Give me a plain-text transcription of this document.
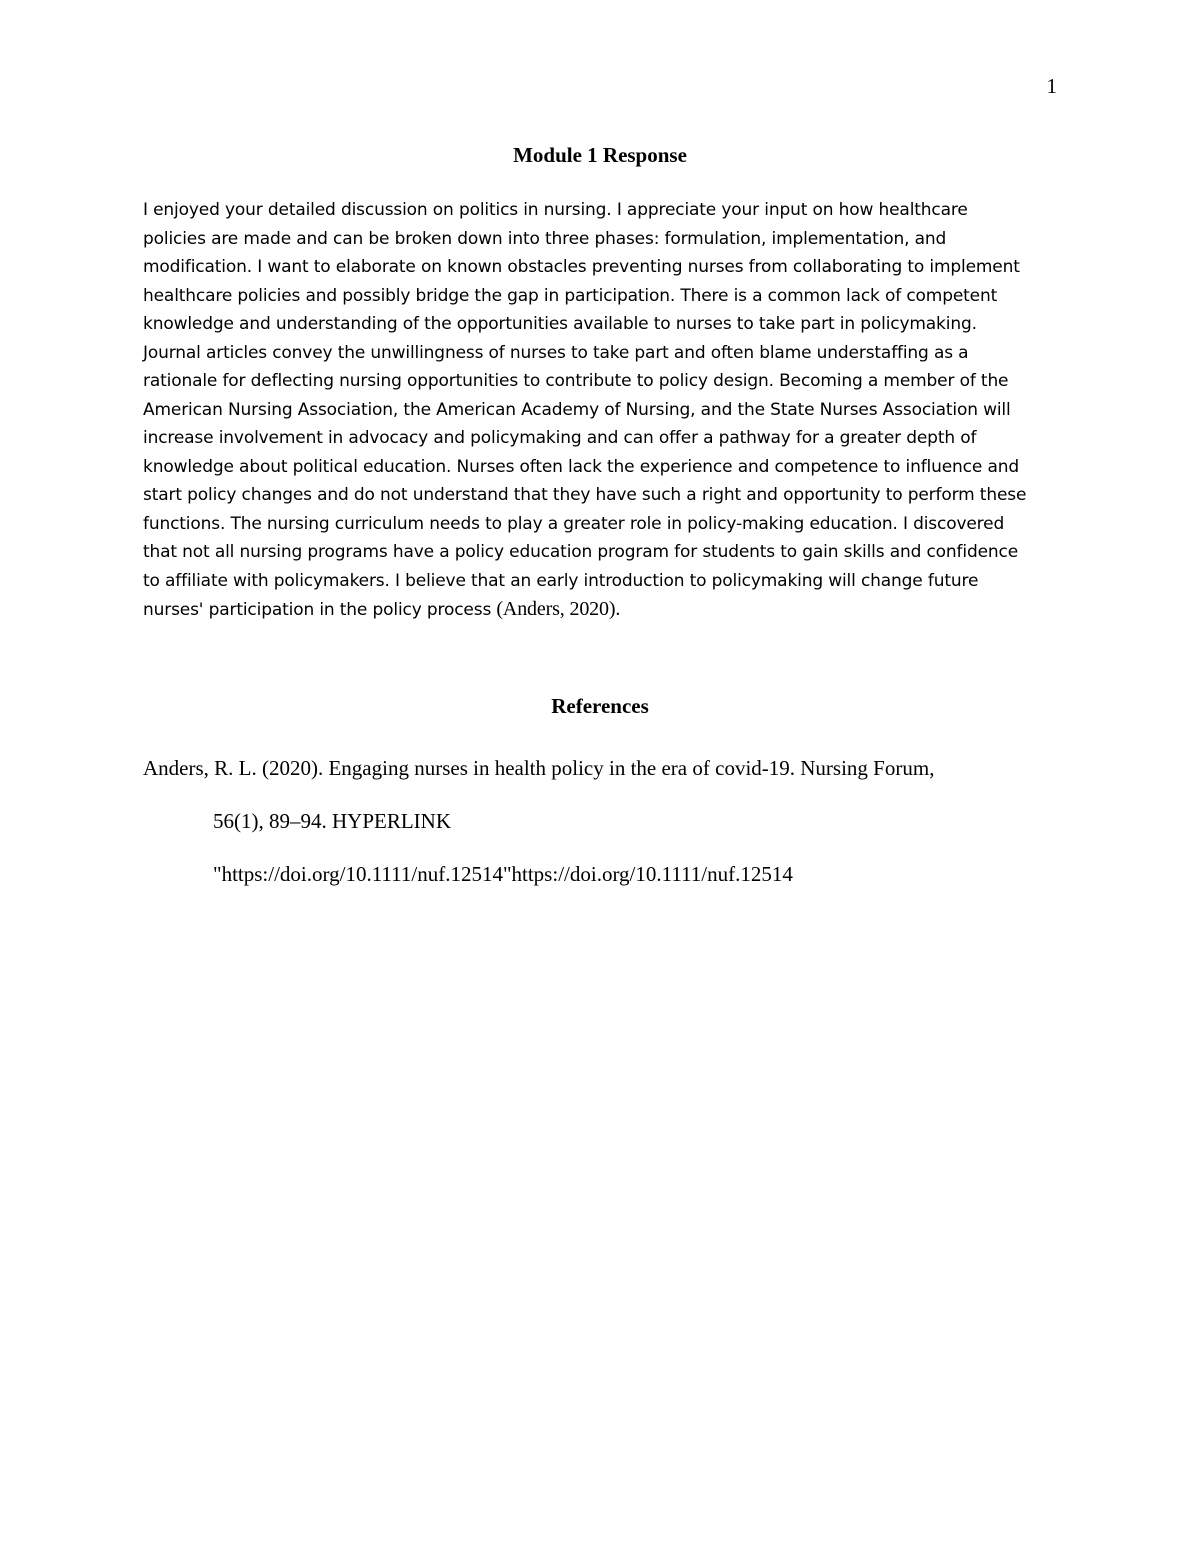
1
Module 1 Response
I enjoyed your detailed discussion on politics in nursing. I appreciate your input on how healthcare
policies are made and can be broken down into three phases: formulation, implementation, and
modification. I want to elaborate on known obstacles preventing nurses from collaborating to implement
healthcare policies and possibly bridge the gap in participation. There is a common lack of competent
knowledge and understanding of the opportunities available to nurses to take part in policymaking.
Journal articles convey the unwillingness of nurses to take part and often blame understaffing as a
rationale for deflecting nursing opportunities to contribute to policy design. Becoming a member of the
American Nursing Association, the American Academy of Nursing, and the State Nurses Association will
increase involvement in advocacy and policymaking and can offer a pathway for a greater depth of
knowledge about political education. Nurses often lack the experience and competence to influence and
start policy changes and do not understand that they have such a right and opportunity to perform these
functions. The nursing curriculum needs to play a greater role in policy-making education. I discovered
that not all nursing programs have a policy education program for students to gain skills and confidence
to affiliate with policymakers. I believe that an early introduction to policymaking will change future
nurses' participation in the policy process (Anders, 2020).
References
Anders, R. L. (2020). Engaging nurses in health policy in the era of covid-19. Nursing Forum,
56(1), 89–94. HYPERLINK
"https://doi.org/10.1111/nuf.12514"https://doi.org/10.1111/nuf.12514
